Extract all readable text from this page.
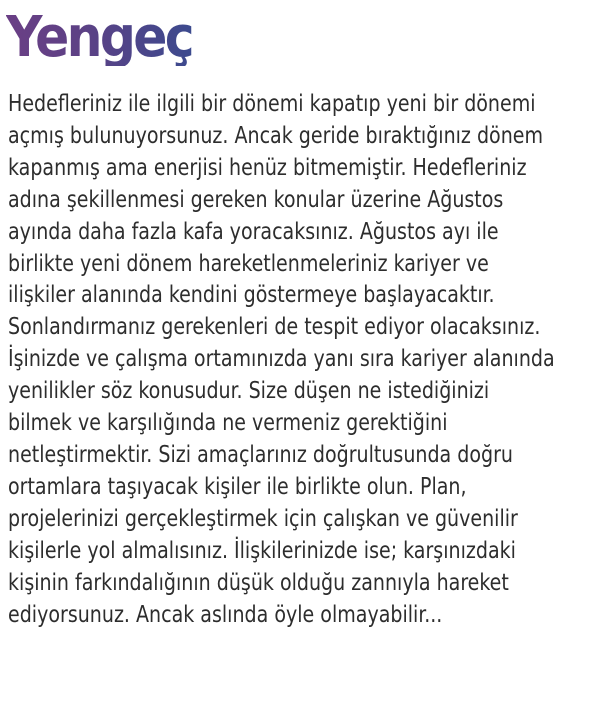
Yengeç

Hedefleriniz ile ilgili bir dönemi kapatıp yeni bir dönemi
açmış bulunuyorsunuz. Ancak geride bıraktığınız dönem
kapanmış ama enerjisi henüz bitmemiştir. Hedefleriniz
adına şekillenmesi gereken konular üzerine Ağustos
ayında daha fazla kafa yoracaksınız. Ağustos ayı ile
birlikte yeni dönem hareketlenmeleriniz kariyer ve
ilişkiler alanında kendini göstermeye başlayacaktır.
Sonlandırmanız gerekenleri de tespit ediyor olacaksınız.
İşinizde ve çalışma ortamınızda yanı sıra kariyer alanında
yenilikler söz konusudur. Size düşen ne istediğinizi
bilmek ve karşılığında ne vermeniz gerektiğini
netleştirmektir. Sizi amaçlarınız doğrultusunda doğru
ortamlara taşıyacak kişiler ile birlikte olun. Plan,
projelerinizi gerçekleştirmek için çalışkan ve güvenilir
kişilerle yol almalısınız. İlişkilerinizde ise; karşınızdaki
kişinin farkındalığının düşük olduğu zannıyla hareket
ediyorsunuz. Ancak aslında öyle olmayabilir...
